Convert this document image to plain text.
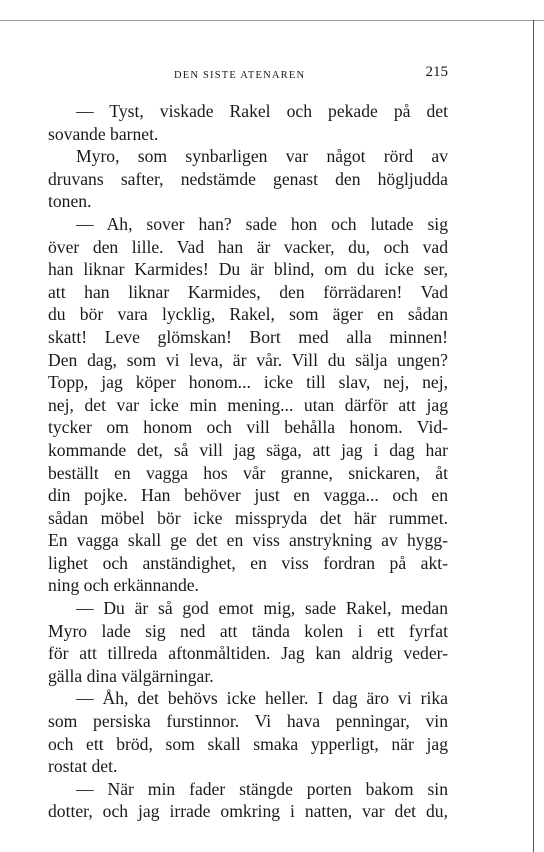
DEN SISTE ATENAREN	215
— Tyst, viskade Rakel och pekade på det
sovande barnet.
Myro, som synbarligen var något rörd av
druvans safter, nedstämde genast den högljudda
tonen.
— Ah, sover han? sade hon och lutade sig
över den lille. Vad han är vacker, du, och vad
han liknar Karmides! Du är blind, om du icke ser,
att han liknar Karmides, den förrädaren! Vad
du bör vara lycklig, Rakel, som äger en sådan
skatt! Leve glömskan! Bort med alla minnen!
Den dag, som vi leva, är vår. Vill du sälja ungen?
Topp, jag köper honom... icke till slav, nej, nej,
nej, det var icke min mening... utan därför att jag
tycker om honom och vill behålla honom. Vid-
kommande det, så vill jag säga, att jag i dag har
beställt en vagga hos vår granne, snickaren, åt
din pojke. Han behöver just en vagga... och en
sådan möbel bör icke misspryda det här rummet.
En vagga skall ge det en viss anstrykning av hygg-
lighet och anständighet, en viss fordran på akt-
ning och erkännande.
— Du är så god emot mig, sade Rakel, medan
Myro lade sig ned att tända kolen i ett fyrfat
för att tillreda aftonmåltiden. Jag kan aldrig veder-
gälla dina välgärningar.
— Åh, det behövs icke heller. I dag äro vi rika
som persiska furstinnor. Vi hava penningar, vin
och ett bröd, som skall smaka ypperligt, när jag
rostat det.
— När min fader stängde porten bakom sin
dotter, och jag irrade omkring i natten, var det du,
